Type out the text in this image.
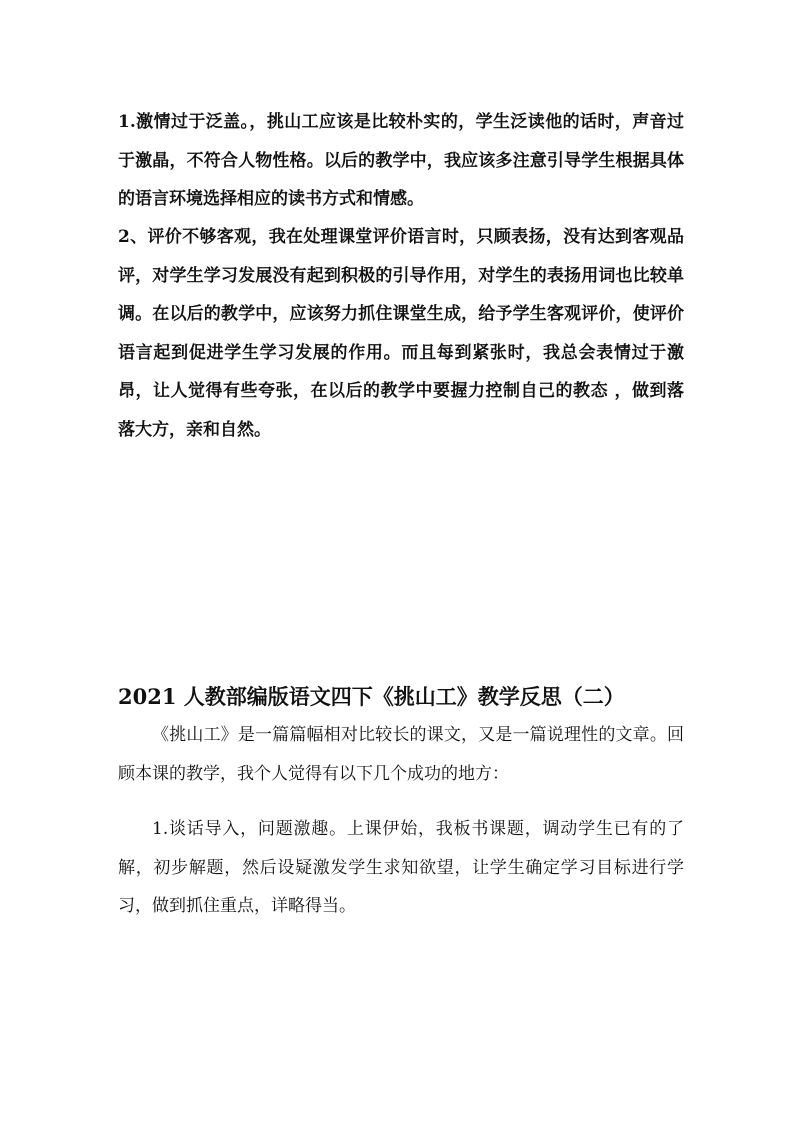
1.激情过于泛盖。，挑山工应该是比较朴实的，学生泛读他的话时，声音过于激晶，不符合人物性格。以后的教学中，我应该多注意引导学生根据具体的语言环境选择相应的读书方式和情感。

2、评价不够客观，我在处理课堂评价语言时，只顾表扬，没有达到客观品评，对学生学习发展没有起到积极的引导作用，对学生的表扬用词也比较单调。在以后的教学中，应该努力抓住课堂生成，给予学生客观评价，使评价语言起到促进学生学习发展的作用。而且每到紧张时，我总会表情过于激昂，让人觉得有些夸张，在以后的教学中要握力控制自己的教态 ，做到落落大方，亲和自然。

2021 人教部编版语文四下《挑山工》教学反思（二）

《挑山工》是一篇篇幅相对比较长的课文，又是一篇说理性的文章。回顾本课的教学，我个人觉得有以下几个成功的地方：

1.谈话导入，问题激趣。上课伊始，我板书课题，调动学生已有的了解，初步解题，然后设疑激发学生求知欲望，让学生确定学习目标进行学习，做到抓住重点，详略得当。
